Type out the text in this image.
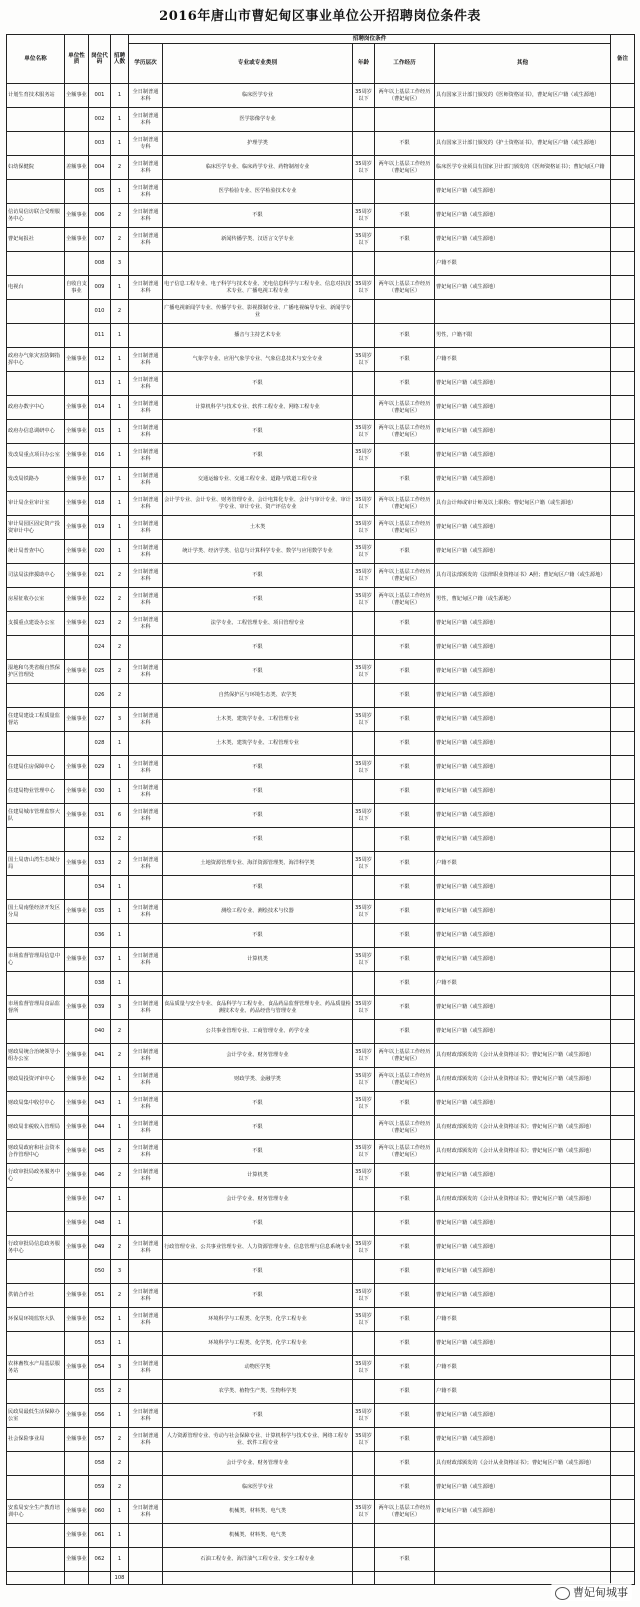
2016年唐山市曹妃甸区事业单位公开招聘岗位条件表
单位名称	单位性质	岗位代码	招聘人数	招聘岗位条件					备注
				学历层次	专业或专业类别	年龄	工作经历	其他	
计划生育技术服务站	全额事业	001	1	全日制普通本科	临床医学专业	35周岁以下	两年以上基层工作经历（曹妃甸区）	具有国家卫计部门颁发的《医师资格证书》，曹妃甸区户籍（或生源地）	
		002	1	全日制普通本科	医学影像学专业				
		003	1	全日制普通专科	护理学类		不限	具有国家卫计部门颁发的《护士资格证书》，曹妃甸区户籍（或生源地）	
妇幼保健院	差额事业	004	2	全日制普通本科	临床医学专业、临床药学专业、药物制剂专业	35周岁以下	两年以上基层工作经历（曹妃甸区）	临床医学专业须具有国家卫计部门颁发的《医师资格证书》；曹妃甸区户籍	
		005	1	全日制普通本科	医学检验专业、医学检验技术专业			曹妃甸区户籍（或生源地）	
信访局信访联合受理服务中心	全额事业	006	2	全日制普通本科	不限	35周岁以下	不限	曹妃甸区户籍（或生源地）	
曹妃甸报社	全额事业	007	2	全日制普通本科	新闻传播学类、汉语言文学专业	35周岁以下	不限	曹妃甸区户籍（或生源地）	
		008	3					户籍不限	
电视台	自收自支事业	009	1	全日制普通本科	电子信息工程专业、电子科学与技术专业、光电信息科学与工程专业、信息对抗技术专业、广播电视工程专业	35周岁以下	两年以上基层工作经历（曹妃甸区）	曹妃甸区户籍（或生源地）	
		010	2		广播电视新闻学专业、传播学专业、影视摄制专业、广播电视编导专业、新闻学专业				
		011	1		播音与主持艺术专业		不限	男性，户籍不限	
政府办气象灾害防御指挥中心	全额事业	012	1	全日制普通本科	气象学专业、应用气象学专业、气象信息技术与安全专业	35周岁以下	不限	户籍不限	
		013	1	全日制普通本科	不限		不限	曹妃甸区户籍（或生源地）	
政府办数字中心	全额事业	014	1	全日制普通本科	计算机科学与技术专业、软件工程专业、网络工程专业		两年以上基层工作经历（曹妃甸区）	曹妃甸区户籍（或生源地）	
政府办信息调研中心	全额事业	015	1	全日制普通本科	不限	35周岁以下	两年以上基层工作经历（曹妃甸区）	曹妃甸区户籍（或生源地）	
发改局重点项目办公室	全额事业	016	1	全日制普通本科	不限	35周岁以下	不限	曹妃甸区户籍（或生源地）	
发改局铁路办	全额事业	017	1	全日制普通本科	交通运输专业、交通工程专业、道路与铁道工程专业		不限	曹妃甸区户籍（或生源地）	
审计局企业审计室	全额事业	018	1	全日制普通本科	会计学专业、会计专业、财务管理专业、会计电算化专业、会计与审计专业、审计学专业、审计专业、资产评估专业	35周岁以下	两年以上基层工作经历（曹妃甸区）	具有会计师或审计师及以上职称；曹妃甸区户籍（或生源地）	
审计局园区固定资产投资审计中心	全额事业	019	1	全日制普通本科	土木类	35周岁以下	两年以上基层工作经历（曹妃甸区）	曹妃甸区户籍（或生源地）	
统计局普查中心	全额事业	020	1	全日制普通本科	统计学类、经济学类、信息与计算科学专业、数学与应用数学专业	35周岁以下	不限	曹妃甸区户籍（或生源地）	
司法局法律援助中心	全额事业	021	2	全日制普通本科	不限	35周岁以下	两年以上基层工作经历（曹妃甸区）	具有司法部颁发的《法律职业资格证书》A照；曹妃甸区户籍（或生源地）	
房屋征收办公室	全额事业	022	2	全日制普通本科	不限	35周岁以下	两年以上基层工作经历（曹妃甸区）	男性，曹妃甸区户籍（或生源地）	
支援重点建设办公室	全额事业	023	2	全日制普通本科	法学专业、工程管理专业、项目管理专业		不限	曹妃甸区户籍（或生源地）	
		024	2		不限		不限	曹妃甸区户籍（或生源地）	
湿地和鸟类省级自然保护区管理处	全额事业	025	2	全日制普通本科	不限	35周岁以下	不限	曹妃甸区户籍（或生源地）	
		026	2		自然保护区与环境生态类、农学类		不限	曹妃甸区户籍（或生源地）	
住建局建设工程质量监督站	全额事业	027	3	全日制普通本科	土木类、建筑学专业、工程管理专业	35周岁以下	不限	曹妃甸区户籍（或生源地）	
		028	1		土木类、建筑学专业、工程管理专业		不限	曹妃甸区户籍（或生源地）	
住建局住房保障中心	全额事业	029	1	全日制普通本科	不限	35周岁以下	不限	曹妃甸区户籍（或生源地）	
住建局物业管理中心	全额事业	030	1	全日制普通本科	不限		不限	曹妃甸区户籍（或生源地）	
住建局城市管理监察大队	全额事业	031	6	全日制普通本科	不限	35周岁以下	不限	曹妃甸区户籍（或生源地）	
		032	2		不限		不限	曹妃甸区户籍（或生源地）	
国土局唐山湾生态城分局	全额事业	033	2	全日制普通本科	土地资源管理专业、海洋资源管理类、海洋科学类	35周岁以下	不限	户籍不限	
		034	1		不限		不限	曹妃甸区户籍（或生源地）	
国土局南堡经济开发区分局	全额事业	035	1	全日制普通本科	测绘工程专业、测绘技术与仪器	35周岁以下	不限	曹妃甸区户籍（或生源地）	
		036	1		不限		不限	曹妃甸区户籍（或生源地）	
市场监督管理局信息中心	全额事业	037	1	全日制普通本科	计算机类	35周岁以下	不限	曹妃甸区户籍（或生源地）	
		038	1				不限	户籍不限	
市场监督管理局食品监督所	全额事业	039	3	全日制普通本科	食品质量与安全专业、食品科学与工程专业、食品药品监督管理专业、药品质量检测技术专业、药品经营与管理专业	35周岁以下	不限	曹妃甸区户籍（或生源地）	
		040	2		公共事业管理专业、工商管理专业、药学专业		不限	曹妃甸区户籍（或生源地）	
财政局统合治统领导小组办公室	全额事业	041	2	全日制普通本科	会计学专业、财务管理专业	35周岁以下	两年以上基层工作经历（曹妃甸区）	具有财政部颁发的《会计从业资格证书》；曹妃甸区户籍（或生源地）	
财政局投资评审中心	全额事业	042	1	全日制普通本科	财政学类、金融学类	35周岁以下	两年以上基层工作经历（曹妃甸区）	具有财政部颁发的《会计从业资格证书》；曹妃甸区户籍（或生源地）	
财政局集中收付中心	全额事业	043	1	全日制普通本科	不限	35周岁以下	不限	曹妃甸区户籍（或生源地）	
财政局非税收入管理局	全额事业	044	1	全日制普通本科	不限		两年以上基层工作经历（曹妃甸区）	具有财政部颁发的《会计从业资格证书》；曹妃甸区户籍（或生源地）	
财政局政府和社会资本合作管理中心	全额事业	045	2	全日制普通本科	不限	35周岁以下	两年以上基层工作经历（曹妃甸区）	具有财政部颁发的《会计从业资格证书》；曹妃甸区户籍（或生源地）	
行政审批局政务服务中心	全额事业	046	2	全日制普通本科	计算机类	35周岁以下	不限	曹妃甸区户籍（或生源地）	
	全额事业	047	1		会计学专业、财务管理专业		不限	具有财政部颁发的《会计从业资格证书》；曹妃甸区户籍（或生源地）	
	全额事业	048	1		不限		不限	曹妃甸区户籍（或生源地）	
行政审批局信息政务服务中心	全额事业	049	2	全日制普通本科	行政管理专业、公共事业管理专业、人力资源管理专业、信息管理与信息系统专业	35周岁以下	不限	曹妃甸区户籍（或生源地）	
		050	3		不限		不限	曹妃甸区户籍（或生源地）	
供销合作社	全额事业	051	2	全日制普通本科	不限	35周岁以下	不限	曹妃甸区户籍（或生源地）	
环保局环境监察大队	全额事业	052	1	全日制普通本科	环境科学与工程类、化学类、化学工程专业	35周岁以下	不限	户籍不限	
		053	1		环境科学与工程类、化学类、化学工程专业		不限	曹妃甸区户籍（或生源地）	
农林畜牧水产局基层服务站	全额事业	054	3	全日制普通本科	动物医学类	35周岁以下	不限	户籍不限	
		055	2		农学类、植物生产类、生物科学类		不限	户籍不限	
民政局最低生活保障办公室	全额事业	056	1	全日制普通本科	不限	35周岁以下	不限	曹妃甸区户籍（或生源地）	
社会保险事业局	全额事业	057	2	全日制普通本科	人力资源管理专业、劳动与社会保障专业、计算机科学与技术专业、网络工程专业、软件工程专业	35周岁以下	不限	曹妃甸区户籍（或生源地）	
		058	2		会计学专业、财务管理专业		不限	具有财政部颁发的《会计从业资格证书》；曹妃甸区户籍（或生源地）	
		059	2		临床医学专业		不限	曹妃甸区户籍（或生源地）	
安监局安全生产教育培训中心	全额事业	060	1	全日制普通本科	机械类、材料类、电气类	35周岁以下	两年以上基层工作经历（曹妃甸区）	曹妃甸区户籍（或生源地）	
	全额事业	061	1		机械类、材料类、电气类				
	全额事业	062	1		石油工程专业、海洋油气工程专业、安全工程专业		不限		
			108						
曹妃甸城事
